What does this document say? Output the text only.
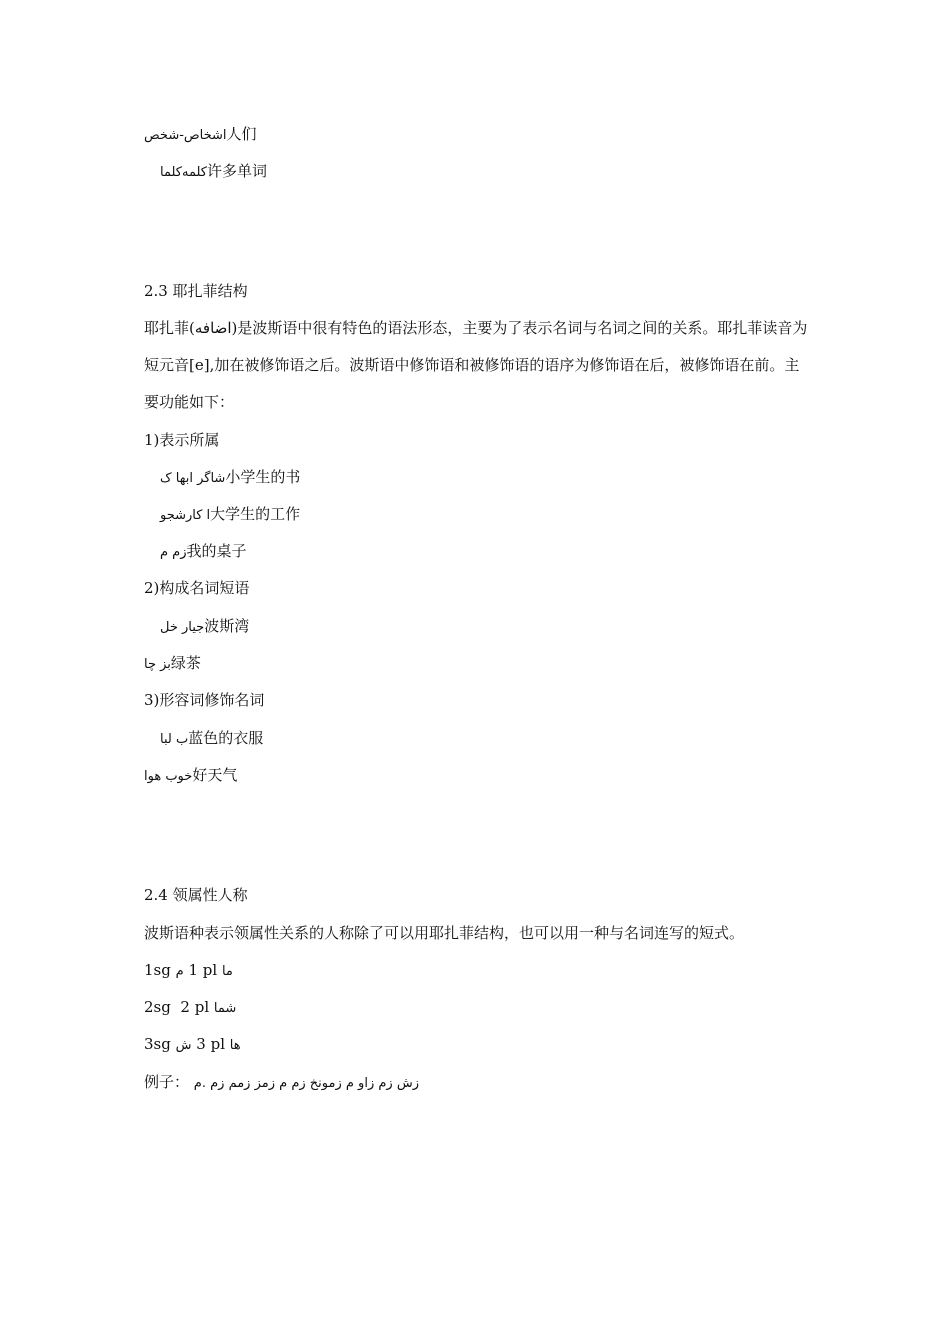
اشخاص-شخص人们
کلمه‌کلما许多单词
2.3 耶扎菲结构
耶扎菲(اضافه)是波斯语中很有特色的语法形态，主要为了表示名词与名词之间的关系。耶扎菲读音为短元音[e],加在被修饰语之后。波斯语中修饰语和被修饰语的语序为修饰语在后，被修饰语在前。主要功能如下：
1)表示所属
شاگر ابها ک小学生的书
ا کارشجو大学生的工作
زم م我的桌子
2)构成名词短语
جیار خل波斯湾
بز چا绿茶
3)形容词修饰名词
ب لبا蓝色的衣服
خوب هوا好天气
2.4 领属性人称
波斯语种表示领属性关系的人称除了可以用耶扎菲结构，也可以用一种与名词连写的短式。
1sg م 1 pl ما
2sg 2 pl شما
3sg ش 3 pl ها
例子： زش زم زاو م زمونخ زم م زمز زمم زم .م
